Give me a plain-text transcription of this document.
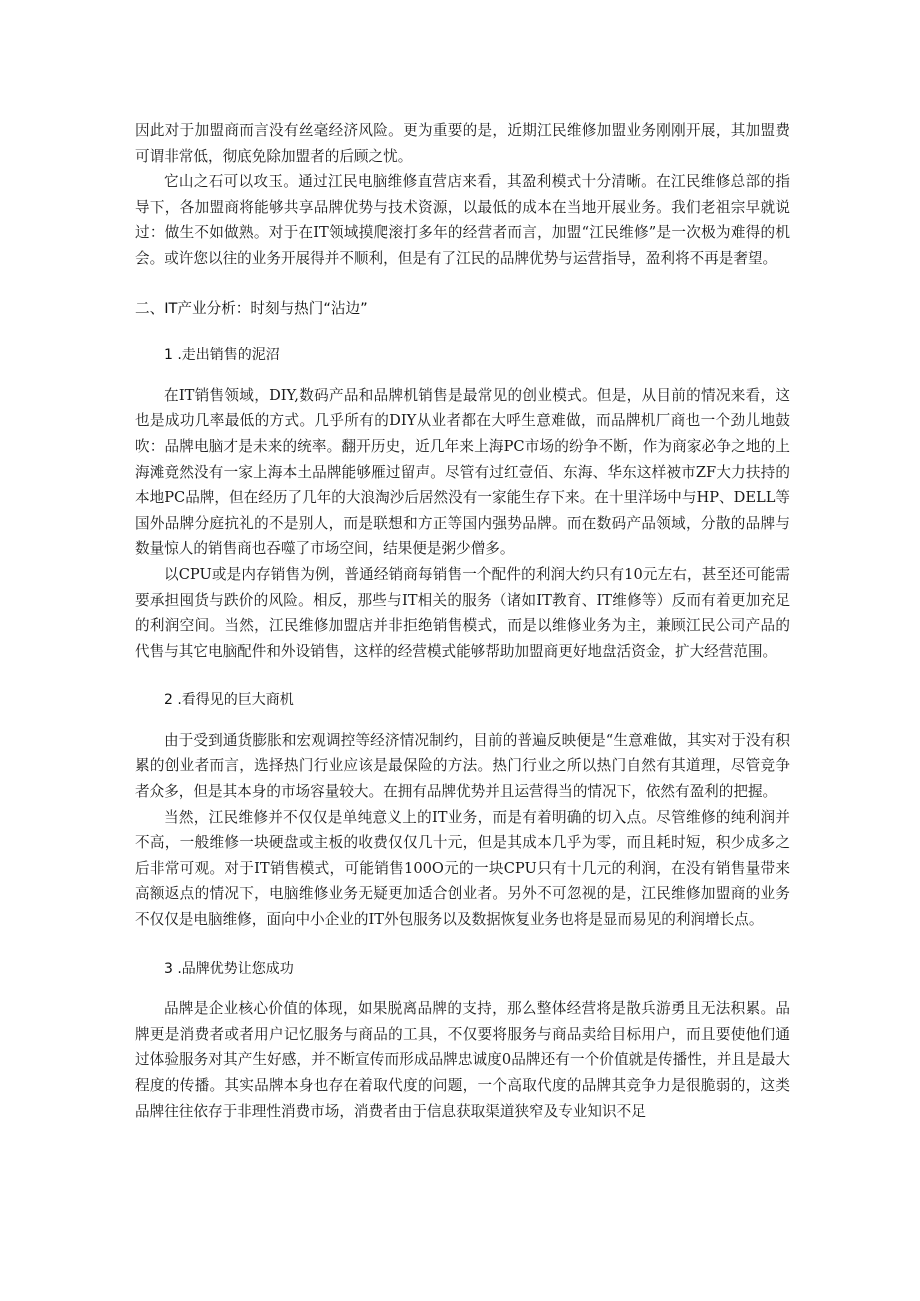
因此对于加盟商而言没有丝毫经济风险。更为重要的是，近期江民维修加盟业务刚刚开展，其加盟费可谓非常低，彻底免除加盟者的后顾之忧。

它山之石可以攻玉。通过江民电脑维修直营店来看，其盈利模式十分清晰。在江民维修总部的指导下，各加盟商将能够共享品牌优势与技术资源，以最低的成本在当地开展业务。我们老祖宗早就说过：做生不如做熟。对于在IT领域摸爬滚打多年的经营者而言，加盟“江民维修”是一次极为难得的机会。或许您以往的业务开展得并不顺利，但是有了江民的品牌优势与运营指导，盈利将不再是奢望。

二、IT产业分析：时刻与热门“沾边”
1 .走出销售的泥沼

在IT销售领域，DIY,数码产品和品牌机销售是最常见的创业模式。但是，从目前的情况来看，这也是成功几率最低的方式。几乎所有的DIY从业者都在大呼生意难做，而品牌机厂商也一个劲儿地鼓吹：品牌电脑才是未来的统率。翻开历史，近几年来上海PC市场的纷争不断，作为商家必争之地的上海滩竟然没有一家上海本土品牌能够雁过留声。尽管有过红壹佰、东海、华东这样被市ZF大力扶持的本地PC品牌，但在经历了几年的大浪淘沙后居然没有一家能生存下来。在十里洋场中与HP、DELL等国外品牌分庭抗礼的不是别人，而是联想和方正等国内强势品牌。而在数码产品领域，分散的品牌与数量惊人的销售商也吞噬了市场空间，结果便是粥少僧多。

以CPU或是内存销售为例，普通经销商每销售一个配件的利润大约只有10元左右，甚至还可能需要承担囤货与跌价的风险。相反，那些与IT相关的服务（诸如IT教育、IT维修等）反而有着更加充足的利润空间。当然，江民维修加盟店并非拒绝销售模式，而是以维修业务为主，兼顾江民公司产品的代售与其它电脑配件和外设销售，这样的经营模式能够帮助加盟商更好地盘活资金，扩大经营范围。

2 .看得见的巨大商机

由于受到通货膨胀和宏观调控等经济情况制约，目前的普遍反映便是“生意难做，其实对于没有积累的创业者而言，选择热门行业应该是最保险的方法。热门行业之所以热门自然有其道理，尽管竞争者众多，但是其本身的市场容量较大。在拥有品牌优势并且运营得当的情况下，依然有盈利的把握。

当然，江民维修并不仅仅是单纯意义上的IT业务，而是有着明确的切入点。尽管维修的纯利润并不高，一般维修一块硬盘或主板的收费仅仅几十元，但是其成本几乎为零，而且耗时短，积少成多之后非常可观。对于IT销售模式，可能销售100O元的一块CPU只有十几元的利润，在没有销售量带来高额返点的情况下，电脑维修业务无疑更加适合创业者。另外不可忽视的是，江民维修加盟商的业务不仅仅是电脑维修，面向中小企业的IT外包服务以及数据恢复业务也将是显而易见的利润增长点。

3 .品牌优势让您成功

品牌是企业核心价值的体现，如果脱离品牌的支持，那么整体经营将是散兵游勇且无法积累。品牌更是消费者或者用户记忆服务与商品的工具，不仅要将服务与商品卖给目标用户，而且要使他们通过体验服务对其产生好感，并不断宣传而形成品牌忠诚度0品牌还有一个价值就是传播性，并且是最大程度的传播。其实品牌本身也存在着取代度的问题，一个高取代度的品牌其竞争力是很脆弱的，这类品牌往往依存于非理性消费市场，消费者由于信息获取渠道狭窄及专业知识不足
